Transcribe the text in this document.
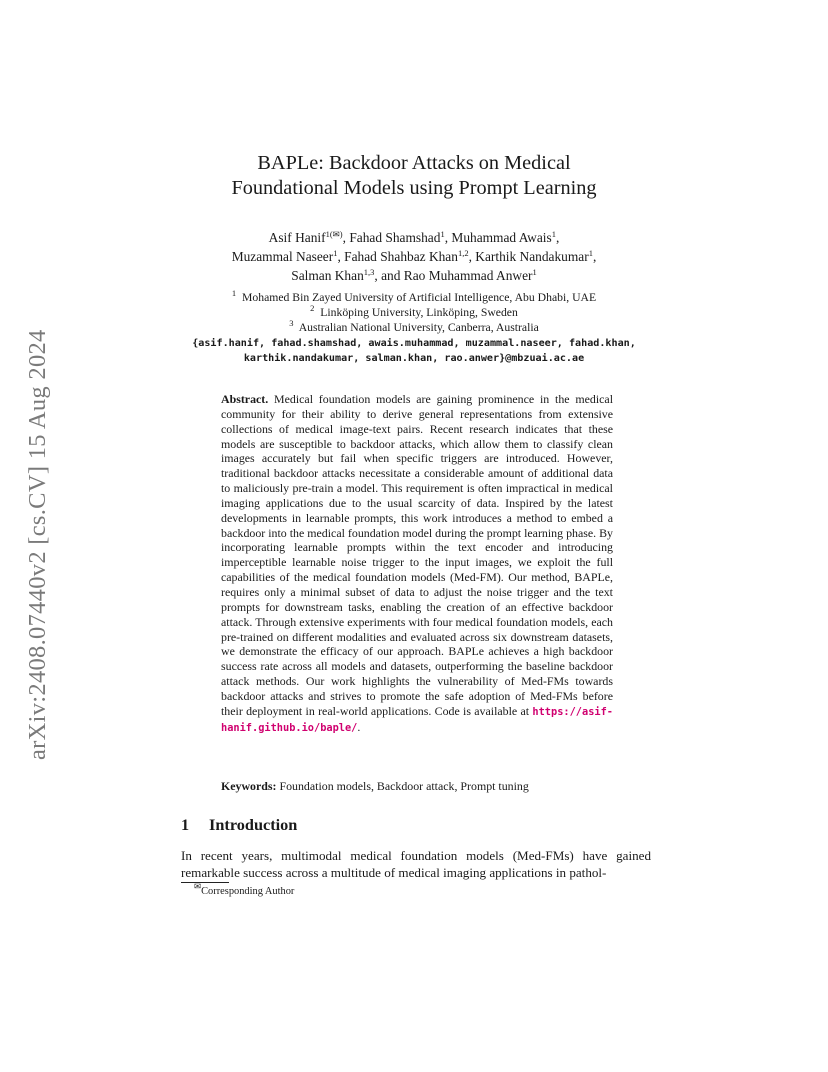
arXiv:2408.07440v2 [cs.CV] 15 Aug 2024
BAPLe: Backdoor Attacks on Medical
Foundational Models using Prompt Learning
Asif Hanif$^{1(✉)}$, Fahad Shamshad$^1$, Muhammad Awais$^1$,
Muzammal Naseer$^1$, Fahad Shahbaz Khan$^{1,2}$, Karthik Nandakumar$^1$,
Salman Khan$^{1,3}$, and Rao Muhammad Anwer$^1$
$^1$ Mohamed Bin Zayed University of Artificial Intelligence, Abu Dhabi, UAE
$^2$ Linköping University, Linköping, Sweden
$^3$ Australian National University, Canberra, Australia
{asif.hanif, fahad.shamshad, awais.muhammad, muzammal.naseer, fahad.khan,
karthik.nandakumar, salman.khan, rao.anwer}@mbzuai.ac.ae
Abstract. Medical foundation models are gaining prominence in the medical community for their ability to derive general representations from extensive collections of medical image-text pairs. Recent research indicates that these models are susceptible to backdoor attacks, which allow them to classify clean images accurately but fail when specific triggers are introduced. However, traditional backdoor attacks necessitate a considerable amount of additional data to maliciously pre-train a model. This requirement is often impractical in medical imaging applications due to the usual scarcity of data. Inspired by the latest developments in learnable prompts, this work introduces a method to embed a backdoor into the medical foundation model during the prompt learning phase. By incorporating learnable prompts within the text encoder and introducing imperceptible learnable noise trigger to the input images, we exploit the full capabilities of the medical foundation models (Med-FM). Our method, BAPLe, requires only a minimal subset of data to adjust the noise trigger and the text prompts for downstream tasks, enabling the creation of an effective backdoor attack. Through extensive experiments with four medical foundation models, each pre-trained on different modalities and evaluated across six downstream datasets, we demonstrate the efficacy of our approach. BAPLe achieves a high backdoor success rate across all models and datasets, outperforming the baseline backdoor attack methods. Our work highlights the vulnerability of Med-FMs towards backdoor attacks and strives to promote the safe adoption of Med-FMs before their deployment in real-world applications. Code is available at https://asif-hanif.github.io/baple/.
Keywords: Foundation models, Backdoor attack, Prompt tuning
1 Introduction
In recent years, multimodal medical foundation models (Med-FMs) have gained remarkable success across a multitude of medical imaging applications in pathol-
✉Corresponding Author
